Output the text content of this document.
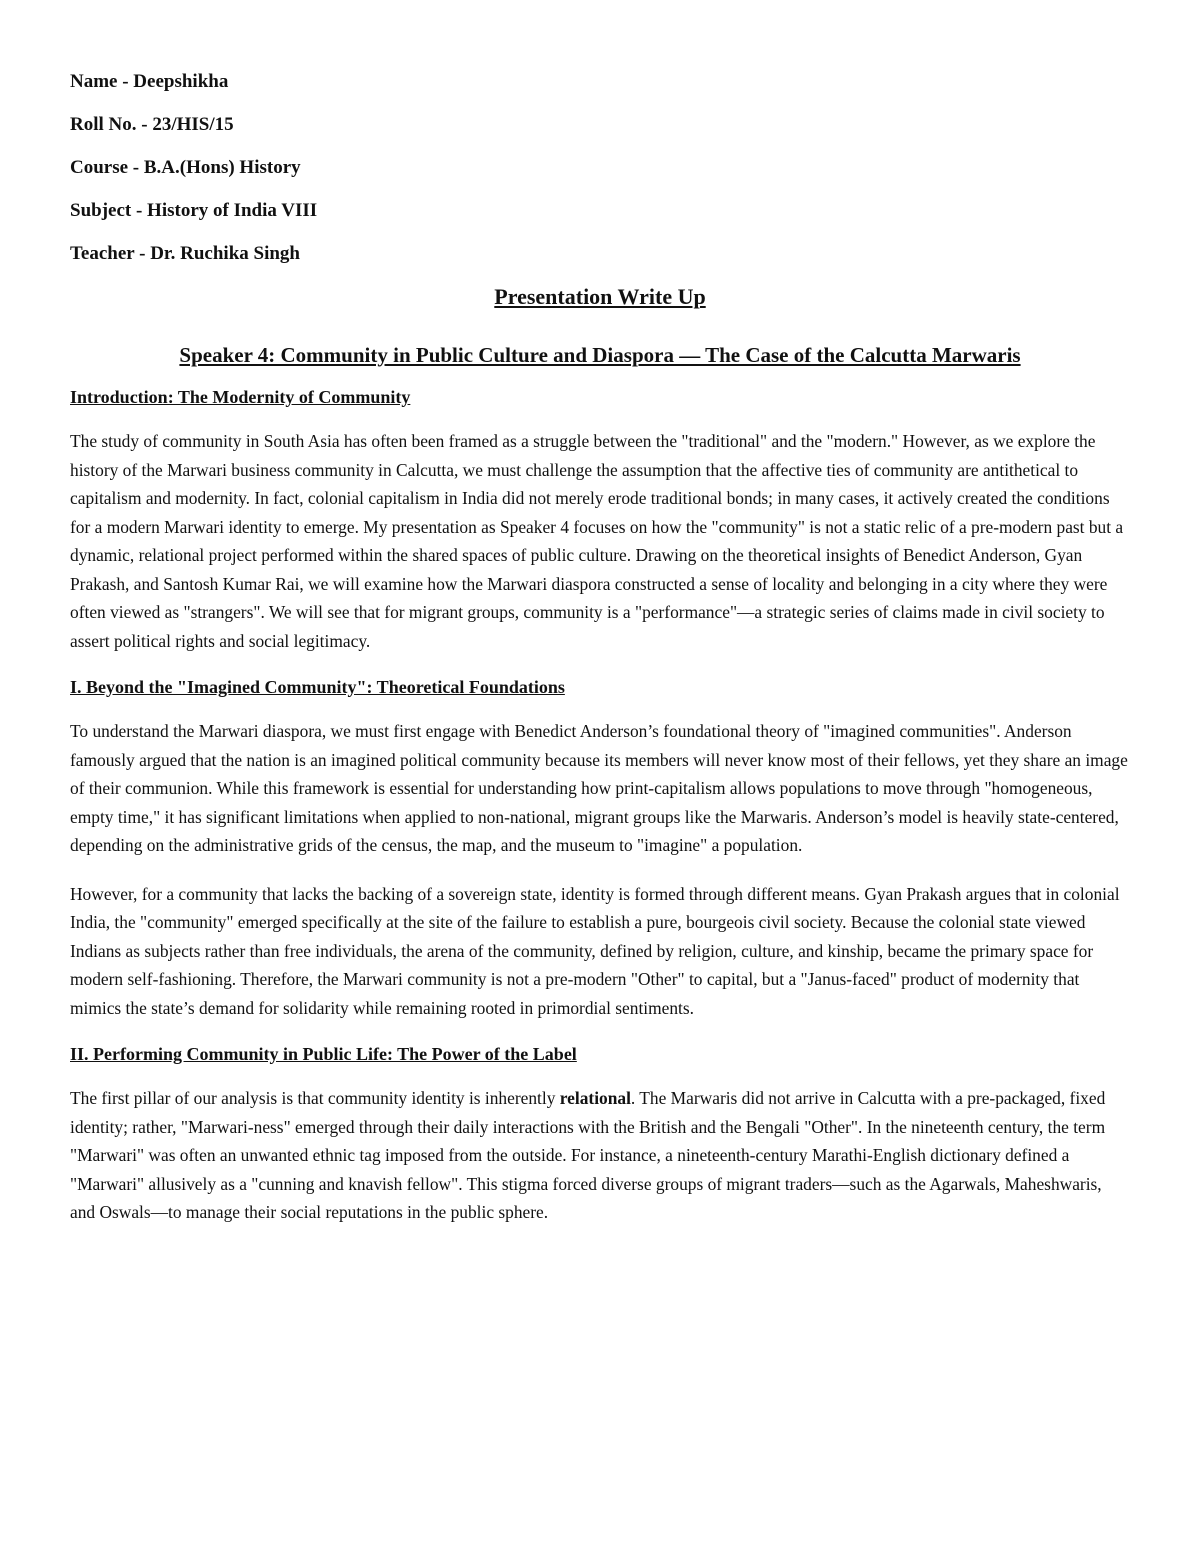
Name - Deepshikha
Roll No. - 23/HIS/15
Course - B.A.(Hons) History
Subject - History of India VIII
Teacher - Dr. Ruchika Singh
Presentation Write Up
Speaker 4: Community in Public Culture and Diaspora — The Case of the Calcutta Marwaris
Introduction: The Modernity of Community

The study of community in South Asia has often been framed as a struggle between the "traditional" and the "modern." However, as we explore the history of the Marwari business community in Calcutta, we must challenge the assumption that the affective ties of community are antithetical to capitalism and modernity. In fact, colonial capitalism in India did not merely erode traditional bonds; in many cases, it actively created the conditions for a modern Marwari identity to emerge. My presentation as Speaker 4 focuses on how the "community" is not a static relic of a pre-modern past but a dynamic, relational project performed within the shared spaces of public culture. Drawing on the theoretical insights of Benedict Anderson, Gyan Prakash, and Santosh Kumar Rai, we will examine how the Marwari diaspora constructed a sense of locality and belonging in a city where they were often viewed as "strangers". We will see that for migrant groups, community is a "performance"—a strategic series of claims made in civil society to assert political rights and social legitimacy.

I. Beyond the "Imagined Community": Theoretical Foundations

To understand the Marwari diaspora, we must first engage with Benedict Anderson’s foundational theory of "imagined communities". Anderson famously argued that the nation is an imagined political community because its members will never know most of their fellows, yet they share an image of their communion. While this framework is essential for understanding how print-capitalism allows populations to move through "homogeneous, empty time," it has significant limitations when applied to non-national, migrant groups like the Marwaris. Anderson’s model is heavily state-centered, depending on the administrative grids of the census, the map, and the museum to "imagine" a population.

However, for a community that lacks the backing of a sovereign state, identity is formed through different means. Gyan Prakash argues that in colonial India, the "community" emerged specifically at the site of the failure to establish a pure, bourgeois civil society. Because the colonial state viewed Indians as subjects rather than free individuals, the arena of the community, defined by religion, culture, and kinship, became the primary space for modern self-fashioning. Therefore, the Marwari community is not a pre-modern "Other" to capital, but a "Janus-faced" product of modernity that mimics the state’s demand for solidarity while remaining rooted in primordial sentiments.

II. Performing Community in Public Life: The Power of the Label

The first pillar of our analysis is that community identity is inherently relational. The Marwaris did not arrive in Calcutta with a pre-packaged, fixed identity; rather, "Marwari-ness" emerged through their daily interactions with the British and the Bengali "Other". In the nineteenth century, the term "Marwari" was often an unwanted ethnic tag imposed from the outside. For instance, a nineteenth-century Marathi-English dictionary defined a "Marwari" allusively as a "cunning and knavish fellow". This stigma forced diverse groups of migrant traders—such as the Agarwals, Maheshwaris, and Oswals—to manage their social reputations in the public sphere.
